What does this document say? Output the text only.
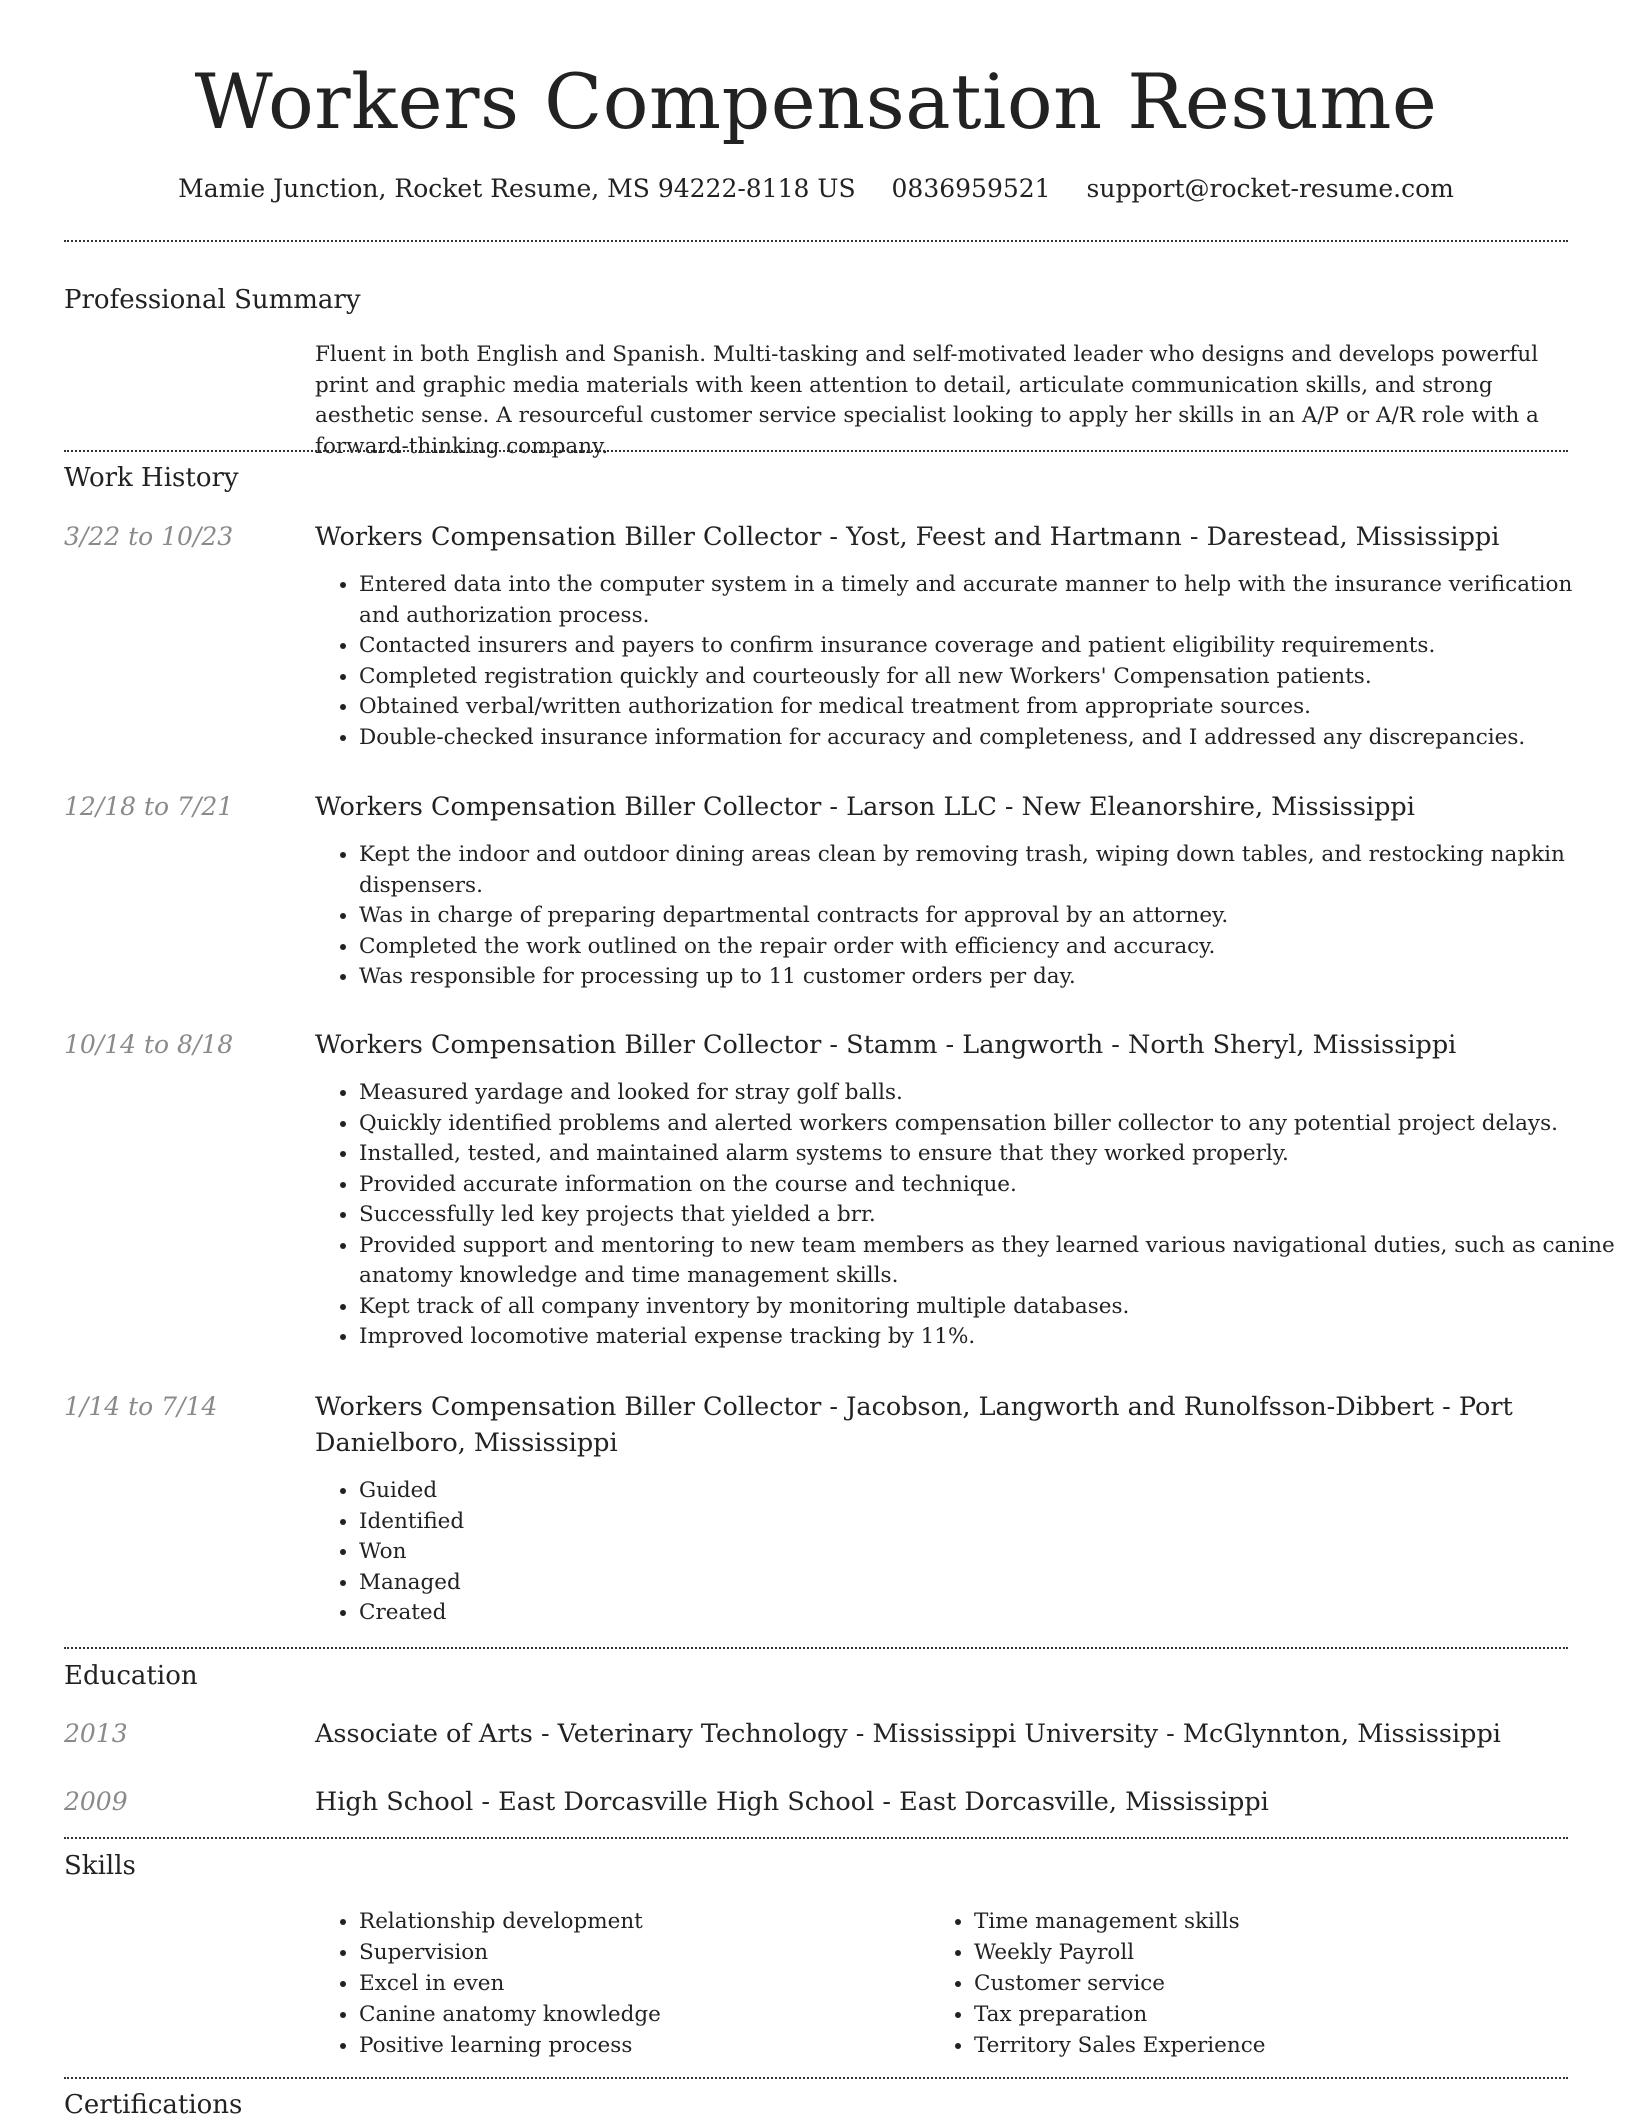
Workers Compensation Resume
Mamie Junction, Rocket Resume, MS 94222-8118 US 0836959521 support@rocket-resume.com
Professional Summary

Fluent in both English and Spanish. Multi-tasking and self-motivated leader who designs and develops powerful print and graphic media materials with keen attention to detail, articulate communication skills, and strong aesthetic sense. A resourceful customer service specialist looking to apply her skills in an A/P or A/R role with a forward-thinking company.

Work History
3/22 to 10/23	Workers Compensation Biller Collector - Yost, Feest and Hartmann - Darestead, Mississippi
• Entered data into the computer system in a timely and accurate manner to help with the insurance verification and authorization process.
• Contacted insurers and payers to confirm insurance coverage and patient eligibility requirements.
• Completed registration quickly and courteously for all new Workers' Compensation patients.
• Obtained verbal/written authorization for medical treatment from appropriate sources.
• Double-checked insurance information for accuracy and completeness, and I addressed any discrepancies.
12/18 to 7/21	Workers Compensation Biller Collector - Larson LLC - New Eleanorshire, Mississippi
• Kept the indoor and outdoor dining areas clean by removing trash, wiping down tables, and restocking napkin dispensers.
• Was in charge of preparing departmental contracts for approval by an attorney.
• Completed the work outlined on the repair order with efficiency and accuracy.
• Was responsible for processing up to 11 customer orders per day.
10/14 to 8/18	Workers Compensation Biller Collector - Stamm - Langworth - North Sheryl, Mississippi
• Measured yardage and looked for stray golf balls.
• Quickly identified problems and alerted workers compensation biller collector to any potential project delays.
• Installed, tested, and maintained alarm systems to ensure that they worked properly.
• Provided accurate information on the course and technique.
• Successfully led key projects that yielded a brr.
• Provided support and mentoring to new team members as they learned various navigational duties, such as canine anatomy knowledge and time management skills.
• Kept track of all company inventory by monitoring multiple databases.
• Improved locomotive material expense tracking by 11%.
1/14 to 7/14	Workers Compensation Biller Collector - Jacobson, Langworth and Runolfsson-Dibbert - Port Danielboro, Mississippi
• Guided
• Identified
• Won
• Managed
• Created
Education
2013	Associate of Arts - Veterinary Technology - Mississippi University - McGlynnton, Mississippi
2009	High School - East Dorcasville High School - East Dorcasville, Mississippi
Skills
• Relationship development
• Supervision
• Excel in even
• Canine anatomy knowledge
• Positive learning process
• Time management skills
• Weekly Payroll
• Customer service
• Tax preparation
• Territory Sales Experience
Certifications
